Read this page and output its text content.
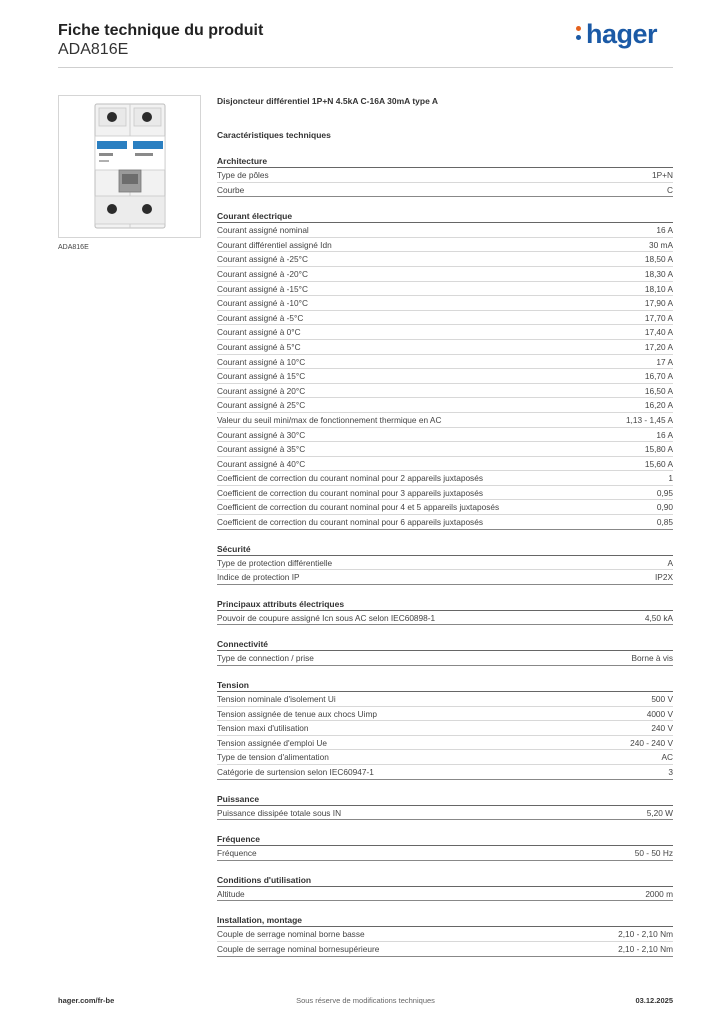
Fiche technique du produit
ADA816E
hager
ADA816E
Disjoncteur différentiel 1P+N 4.5kA C-16A 30mA type A
Caractéristiques techniques
Architecture
Type de pôles	1P+N
Courbe	C
Courant électrique
Courant assigné nominal	16 A
Courant différentiel assigné Idn	30 mA
Courant assigné à -25°C	18,50 A
Courant assigné à -20°C	18,30 A
Courant assigné à -15°C	18,10 A
Courant assigné à -10°C	17,90 A
Courant assigné à -5°C	17,70 A
Courant assigné à 0°C	17,40 A
Courant assigné à 5°C	17,20 A
Courant assigné à 10°C	17 A
Courant assigné à 15°C	16,70 A
Courant assigné à 20°C	16,50 A
Courant assigné à 25°C	16,20 A
Valeur du seuil mini/max de fonctionnement thermique en AC	1,13 - 1,45 A
Courant assigné à 30°C	16 A
Courant assigné à 35°C	15,80 A
Courant assigné à 40°C	15,60 A
Coefficient de correction du courant nominal pour 2 appareils juxtaposés	1
Coefficient de correction du courant nominal pour 3 appareils juxtaposés	0,95
Coefficient de correction du courant nominal pour 4 et 5 appareils juxtaposés	0,90
Coefficient de correction du courant nominal pour 6 appareils juxtaposés	0,85
Sécurité
Type de protection différentielle	A
Indice de protection IP	IP2X
Principaux attributs électriques
Pouvoir de coupure assigné Icn sous AC selon IEC60898-1	4,50 kA
Connectivité
Type de connection / prise	Borne à vis
Tension
Tension nominale d'isolement Ui	500 V
Tension assignée de tenue aux chocs Uimp	4000 V
Tension maxi d'utilisation	240 V
Tension assignée d'emploi Ue	240 - 240 V
Type de tension d'alimentation	AC
Catégorie de surtension selon IEC60947-1	3
Puissance
Puissance dissipée totale sous IN	5,20 W
Fréquence
Fréquence	50 - 50 Hz
Conditions d'utilisation
Altitude	2000 m
Installation, montage
Couple de serrage nominal borne basse	2,10 - 2,10 Nm
Couple de serrage nominal bornesupérieure	2,10 - 2,10 Nm
Sous réserve de modifications techniques
hager.com/fr-be	03.12.2025
